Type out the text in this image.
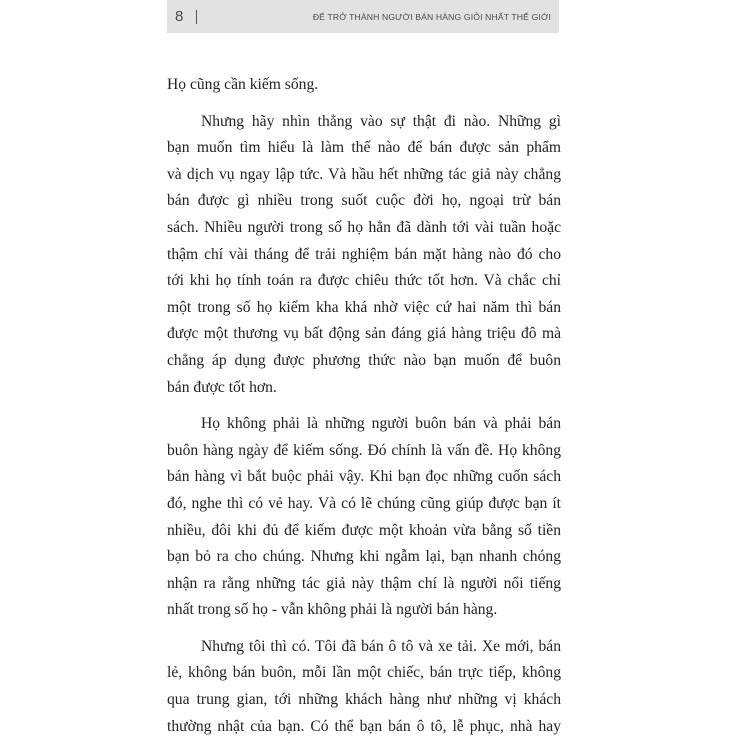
8	ĐỂ TRỞ THÀNH NGƯỜI BÁN HÀNG GIỎI NHẤT THẾ GIỚI
Họ cũng cần kiếm sống.
Nhưng hãy nhìn thẳng vào sự thật đi nào. Những gì
bạn muốn tìm hiểu là làm thế nào để bán được sản phẩm
và dịch vụ ngay lập tức. Và hầu hết những tác giả này chẳng
bán được gì nhiều trong suốt cuộc đời họ, ngoại trừ bán
sách. Nhiều người trong số họ hẳn đã dành tới vài tuần hoặc
thậm chí vài tháng để trải nghiệm bán mặt hàng nào đó cho
tới khi họ tính toán ra được chiêu thức tốt hơn. Và chắc chỉ
một trong số họ kiếm kha khá nhờ việc cứ hai năm thì bán
được một thương vụ bất động sản đáng giá hàng triệu đô mà
chẳng áp dụng được phương thức nào bạn muốn để buôn
bán được tốt hơn.
Họ không phải là những người buôn bán và phải bán
buôn hàng ngày để kiếm sống. Đó chính là vấn đề. Họ không
bán hàng vì bắt buộc phải vậy. Khi bạn đọc những cuốn sách
đó, nghe thì có vẻ hay. Và có lẽ chúng cũng giúp được bạn ít
nhiều, đôi khi đủ để kiếm được một khoản vừa bằng số tiền
bạn bỏ ra cho chúng. Nhưng khi ngẫm lại, bạn nhanh chóng
nhận ra rằng những tác giả này thậm chí là người nổi tiếng
nhất trong số họ - vẫn không phải là người bán hàng.
Nhưng tôi thì có. Tôi đã bán ô tô và xe tải. Xe mới, bán
lẻ, không bán buôn, mỗi lần một chiếc, bán trực tiếp, không
qua trung gian, tới những khách hàng như những vị khách
thường nhật của bạn. Có thể bạn bán ô tô, lễ phục, nhà hay
